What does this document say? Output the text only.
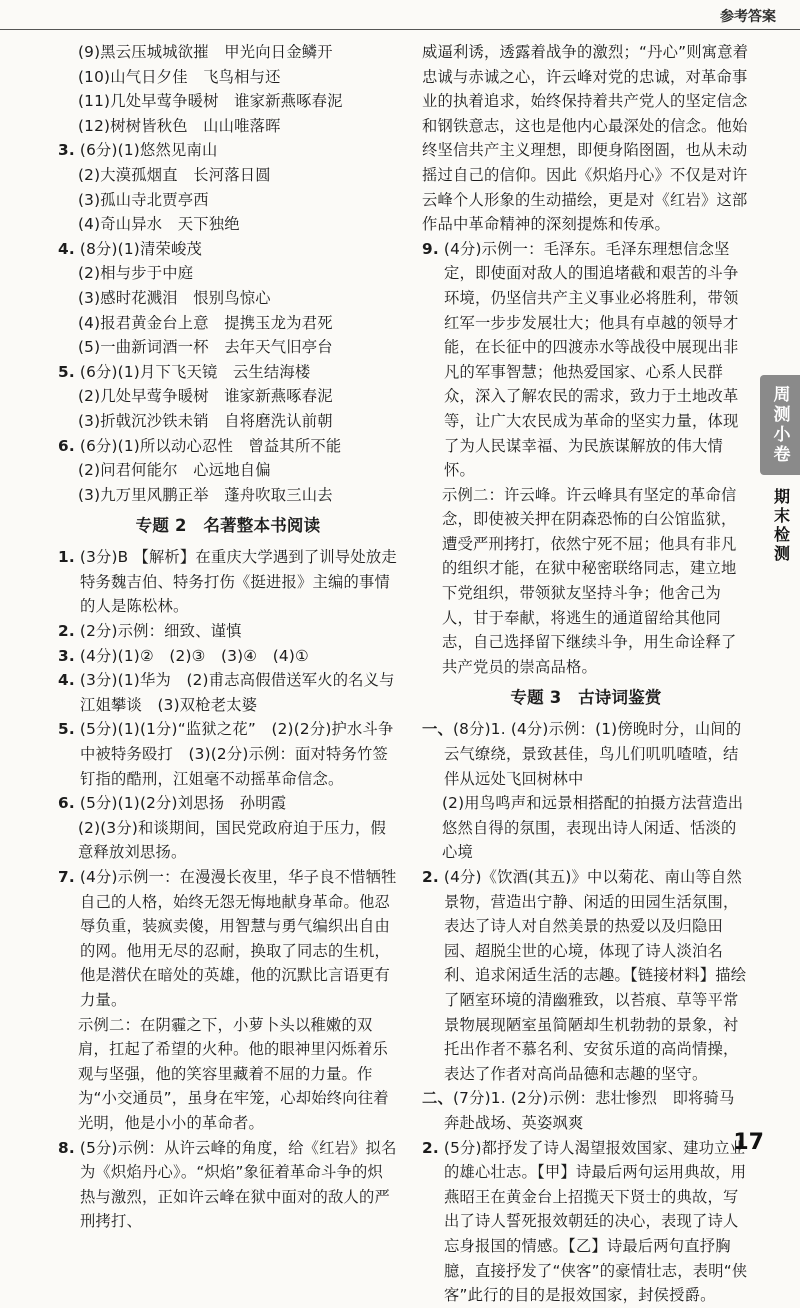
参考答案

(9)黑云压城城欲摧　甲光向日金鳞开

(10)山气日夕佳　飞鸟相与还

(11)几处早莺争暖树　谁家新燕啄春泥

(12)树树皆秋色　山山唯落晖

3. (6分)(1)悠然见南山

(2)大漠孤烟直　长河落日圆

(3)孤山寺北贾亭西

(4)奇山异水　天下独绝

4. (8分)(1)清荣峻茂

(2)相与步于中庭

(3)感时花溅泪　恨别鸟惊心

(4)报君黄金台上意　提携玉龙为君死

(5)一曲新词酒一杯　去年天气旧亭台

5. (6分)(1)月下飞天镜　云生结海楼

(2)几处早莺争暖树　谁家新燕啄春泥

(3)折戟沉沙铁未销　自将磨洗认前朝

6. (6分)(1)所以动心忍性　曾益其所不能

(2)问君何能尔　心远地自偏

(3)九万里风鹏正举　蓬舟吹取三山去

专题 2　名著整本书阅读

1. (3分)B 【解析】在重庆大学遇到了训导处放走特务魏吉伯、特务打伤《挺进报》主编的事情的人是陈松林。

2. (2分)示例：细致、谨慎

3. (4分)(1)②　(2)③　(3)④　(4)①

4. (3分)(1)华为　(2)甫志高假借送军火的名义与江姐攀谈　(3)双枪老太婆

5. (5分)(1)(1分)“监狱之花”　(2)(2分)护水斗争中被特务殴打　(3)(2分)示例：面对特务竹签钉指的酷刑，江姐毫不动摇革命信念。

6. (5分)(1)(2分)刘思扬　孙明霞

(2)(3分)和谈期间，国民党政府迫于压力，假意释放刘思扬。

7. (4分)示例一：在漫漫长夜里，华子良不惜牺牲自己的人格，始终无怨无悔地献身革命。他忍辱负重，装疯卖傻，用智慧与勇气编织出自由的网。他用无尽的忍耐，换取了同志的生机，他是潜伏在暗处的英雄，他的沉默比言语更有力量。

示例二：在阴霾之下，小萝卜头以稚嫩的双肩，扛起了希望的火种。他的眼神里闪烁着乐观与坚强，他的笑容里藏着不屈的力量。作为“小交通员”，虽身在牢笼，心却始终向往着光明，他是小小的革命者。

8. (5分)示例：从许云峰的角度，给《红岩》拟名为《炽焰丹心》。“炽焰”象征着革命斗争的炽热与激烈，正如许云峰在狱中面对的敌人的严刑拷打、

威逼利诱，透露着战争的激烈；“丹心”则寓意着忠诚与赤诚之心，许云峰对党的忠诚，对革命事业的执着追求，始终保持着共产党人的坚定信念和钢铁意志，这也是他内心最深处的信念。他始终坚信共产主义理想，即便身陷囹圄，也从未动摇过自己的信仰。因此《炽焰丹心》不仅是对许云峰个人形象的生动描绘，更是对《红岩》这部作品中革命精神的深刻提炼和传承。

9. (4分)示例一：毛泽东。毛泽东理想信念坚定，即使面对敌人的围追堵截和艰苦的斗争环境，仍坚信共产主义事业必将胜利，带领红军一步步发展壮大；他具有卓越的领导才能，在长征中的四渡赤水等战役中展现出非凡的军事智慧；他热爱国家、心系人民群众，深入了解农民的需求，致力于土地改革等，让广大农民成为革命的坚实力量，体现了为人民谋幸福、为民族谋解放的伟大情怀。

示例二：许云峰。许云峰具有坚定的革命信念，即使被关押在阴森恐怖的白公馆监狱，遭受严刑拷打，依然宁死不屈；他具有非凡的组织才能，在狱中秘密联络同志，建立地下党组织，带领狱友坚持斗争；他舍己为人，甘于奉献，将逃生的通道留给其他同志，自己选择留下继续斗争，用生命诠释了共产党员的崇高品格。

专题 3　古诗词鉴赏

一、(8分)1. (4分)示例：(1)傍晚时分，山间的云气缭绕，景致甚佳，鸟儿们叽叽喳喳，结伴从远处飞回树林中

(2)用鸟鸣声和远景相搭配的拍摄方法营造出悠然自得的氛围，表现出诗人闲适、恬淡的心境

2. (4分)《饮酒(其五)》中以菊花、南山等自然景物，营造出宁静、闲适的田园生活氛围，表达了诗人对自然美景的热爱以及归隐田园、超脱尘世的心境，体现了诗人淡泊名利、追求闲适生活的志趣。【链接材料】描绘了陋室环境的清幽雅致，以苔痕、草等平常景物展现陋室虽简陋却生机勃勃的景象，衬托出作者不慕名利、安贫乐道的高尚情操，表达了作者对高尚品德和志趣的坚守。

二、(7分)1. (2分)示例：悲壮惨烈　即将骑马奔赴战场、英姿飒爽

2. (5分)都抒发了诗人渴望报效国家、建功立业的雄心壮志。【甲】诗最后两句运用典故，用燕昭王在黄金台上招揽天下贤士的典故，写出了诗人誓死报效朝廷的决心，表现了诗人忘身报国的情感。【乙】诗最后两句直抒胸臆，直接抒发了“侠客”的豪情壮志，表明“侠客”此行的目的是报效国家，封侯授爵。

周测小卷
期末检测
17
